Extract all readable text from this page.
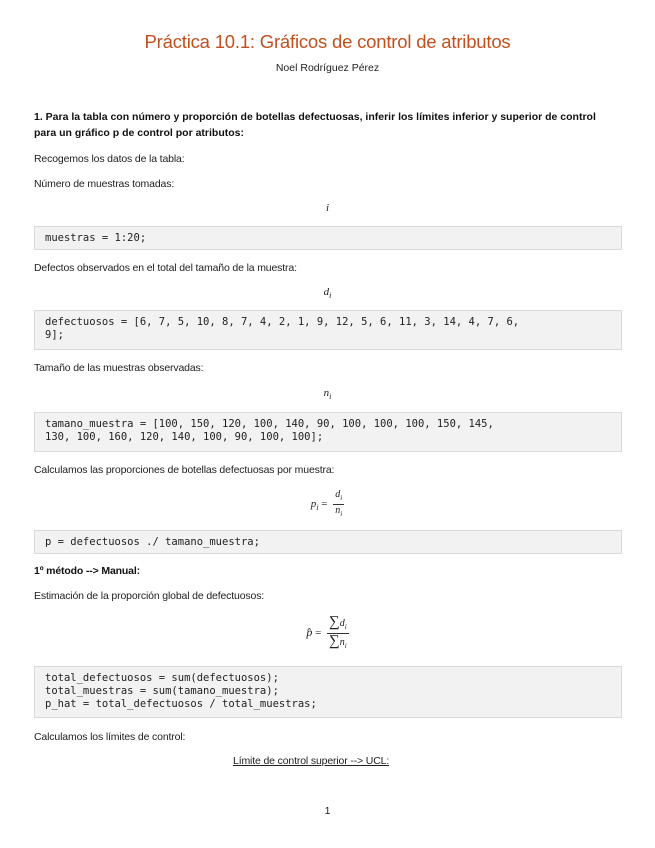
Práctica 10.1: Gráficos de control de atributos
Noel Rodríguez Pérez
1. Para la tabla con número y proporción de botellas defectuosas, inferir los límites inferior y superior de control para un gráfico p de control por atributos:
Recogemos los datos de la tabla:
Número de muestras tomadas:
i
muestras = 1:20;
Defectos observados en el total del tamaño de la muestra:
$d_i$
defectuosos = [6, 7, 5, 10, 8, 7, 4, 2, 1, 9, 12, 5, 6, 11, 3, 14, 4, 7, 6,
9];
Tamaño de las muestras observadas:
$n_i$
tamano_muestra = [100, 150, 120, 100, 140, 90, 100, 100, 100, 150, 145,
130, 100, 160, 120, 140, 100, 90, 100, 100];
Calculamos las proporciones de botellas defectuosas por muestra:
$p_i = \frac{d_i}{n_i}$
p = defectuosos ./ tamano_muestra;
1º método --> Manual:
Estimación de la proporción global de defectuosos:
p̂ = $\frac{\sum d_i}{\sum n_i}$
total_defectuosos = sum(defectuosos);
total_muestras = sum(tamano_muestra);
p_hat = total_defectuosos / total_muestras;
Calculamos los límites de control:
Límite de control superior --> UCL:
1
